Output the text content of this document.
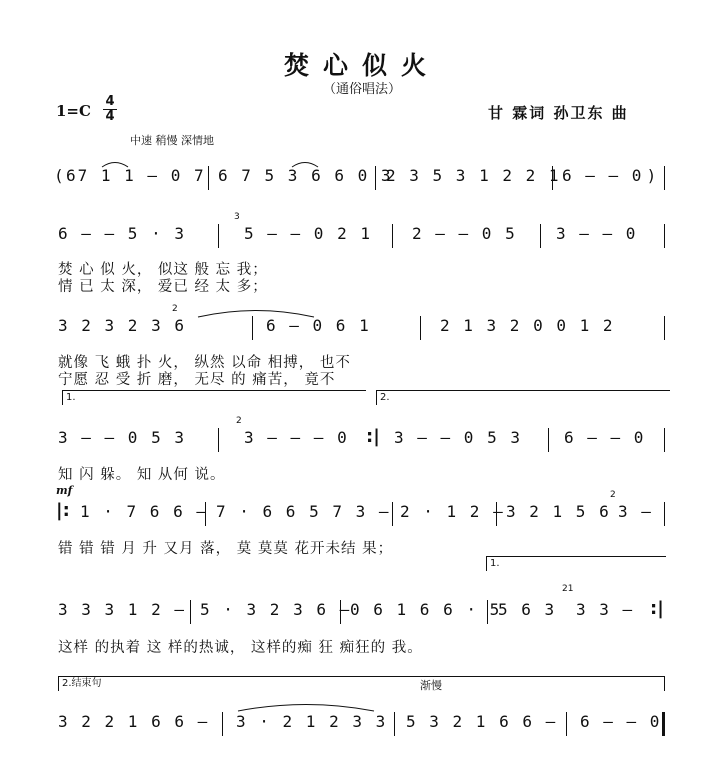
焚心似火
（通俗唱法）
1=C
4
4	甘 霖词 孙卫东 曲
中速 稍慢 深情地
( 67 1 1 – 0 7 6 7 5 3 6 6 0 3
2 3 5 3 1 2 2 1 6 – – 0 )
6 – – 5 · 3
3
5 – – 0 2 1	2 – – 0 5 3 – – 0
焚 心 似 火， 似这 般 忘 我；
情 已 太 深， 爱已 经 太 多；
3 2 3 2 3 6
2
6 – 0 6 1	2 1 3 2 0 0 1 2
就像 飞 蛾 扑 火， 纵然 以命 相搏， 也不
宁愿 忍 受 折 磨， 无尽 的 痛苦， 竟不
1.	2.
3 – – 0 5 3
2
3 – – – 0 :| 3 – – 0 5 3	6 – – 0
知 闪 躲。 知 从何 说。
mf
|: 1 · 7 6 6 – 7 · 6 6 5 7 3 – 2 · 1 2 – 3 2 1 5 6
2
3 –
错 错 错 月 升 又月 落， 莫 莫莫 花开未结 果；
1.
3 3 3 1 2 – 5 · 3 2 3 6 –
0 6 1 6 6 · 5
5 6 3
21
3 3 – :|
这样 的执着 这 样的热诚， 这样的痴 狂 痴狂的 我。
2.结束句	渐慢
3 2 2 1 6 6 – 3 · 2 1 2 3 3 5 3 2 1 6 6 – 6 – – 0
